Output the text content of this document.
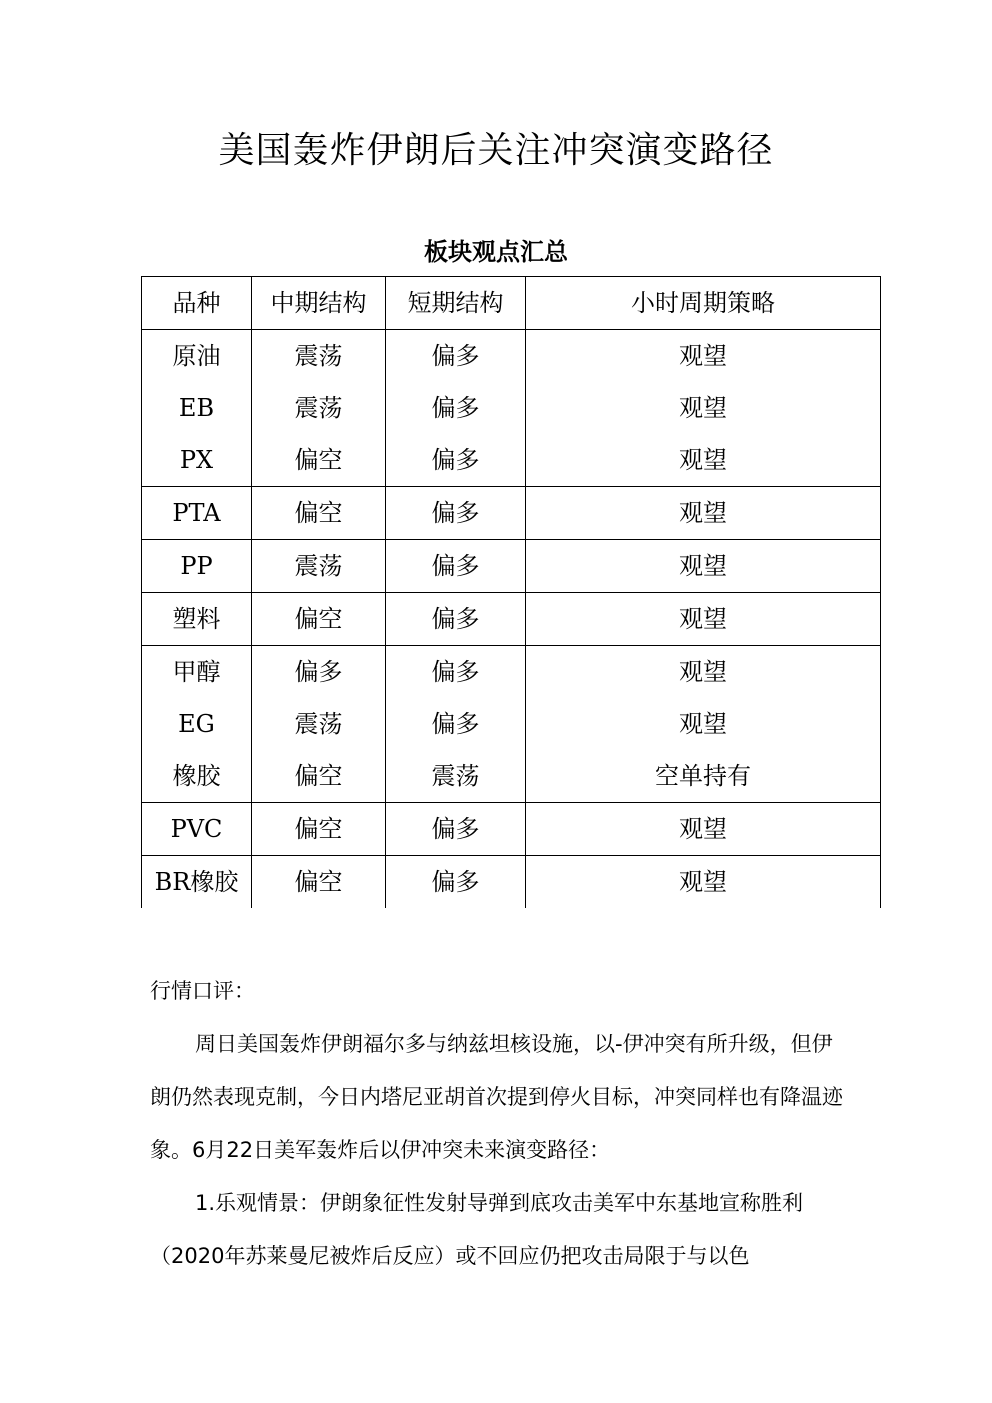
美国轰炸伊朗后关注冲突演变路径
板块观点汇总
品种	中期结构	短期结构	小时周期策略
原油	震荡	偏多	观望
EB	震荡	偏多	观望
PX	偏空	偏多	观望
PTA	偏空	偏多	观望
PP	震荡	偏多	观望
塑料	偏空	偏多	观望
甲醇	偏多	偏多	观望
EG	震荡	偏多	观望
橡胶	偏空	震荡	空单持有
PVC	偏空	偏多	观望
BR橡胶	偏空	偏多	观望
行情口评：
周日美国轰炸伊朗福尔多与纳兹坦核设施，以-伊冲突有所升级，但伊朗仍然表现克制，今日内塔尼亚胡首次提到停火目标，冲突同样也有降温迹象。6月22日美军轰炸后以伊冲突未来演变路径：
1.乐观情景：伊朗象征性发射导弹到底攻击美军中东基地宣称胜利（2020年苏莱曼尼被炸后反应）或不回应仍把攻击局限于与以色
